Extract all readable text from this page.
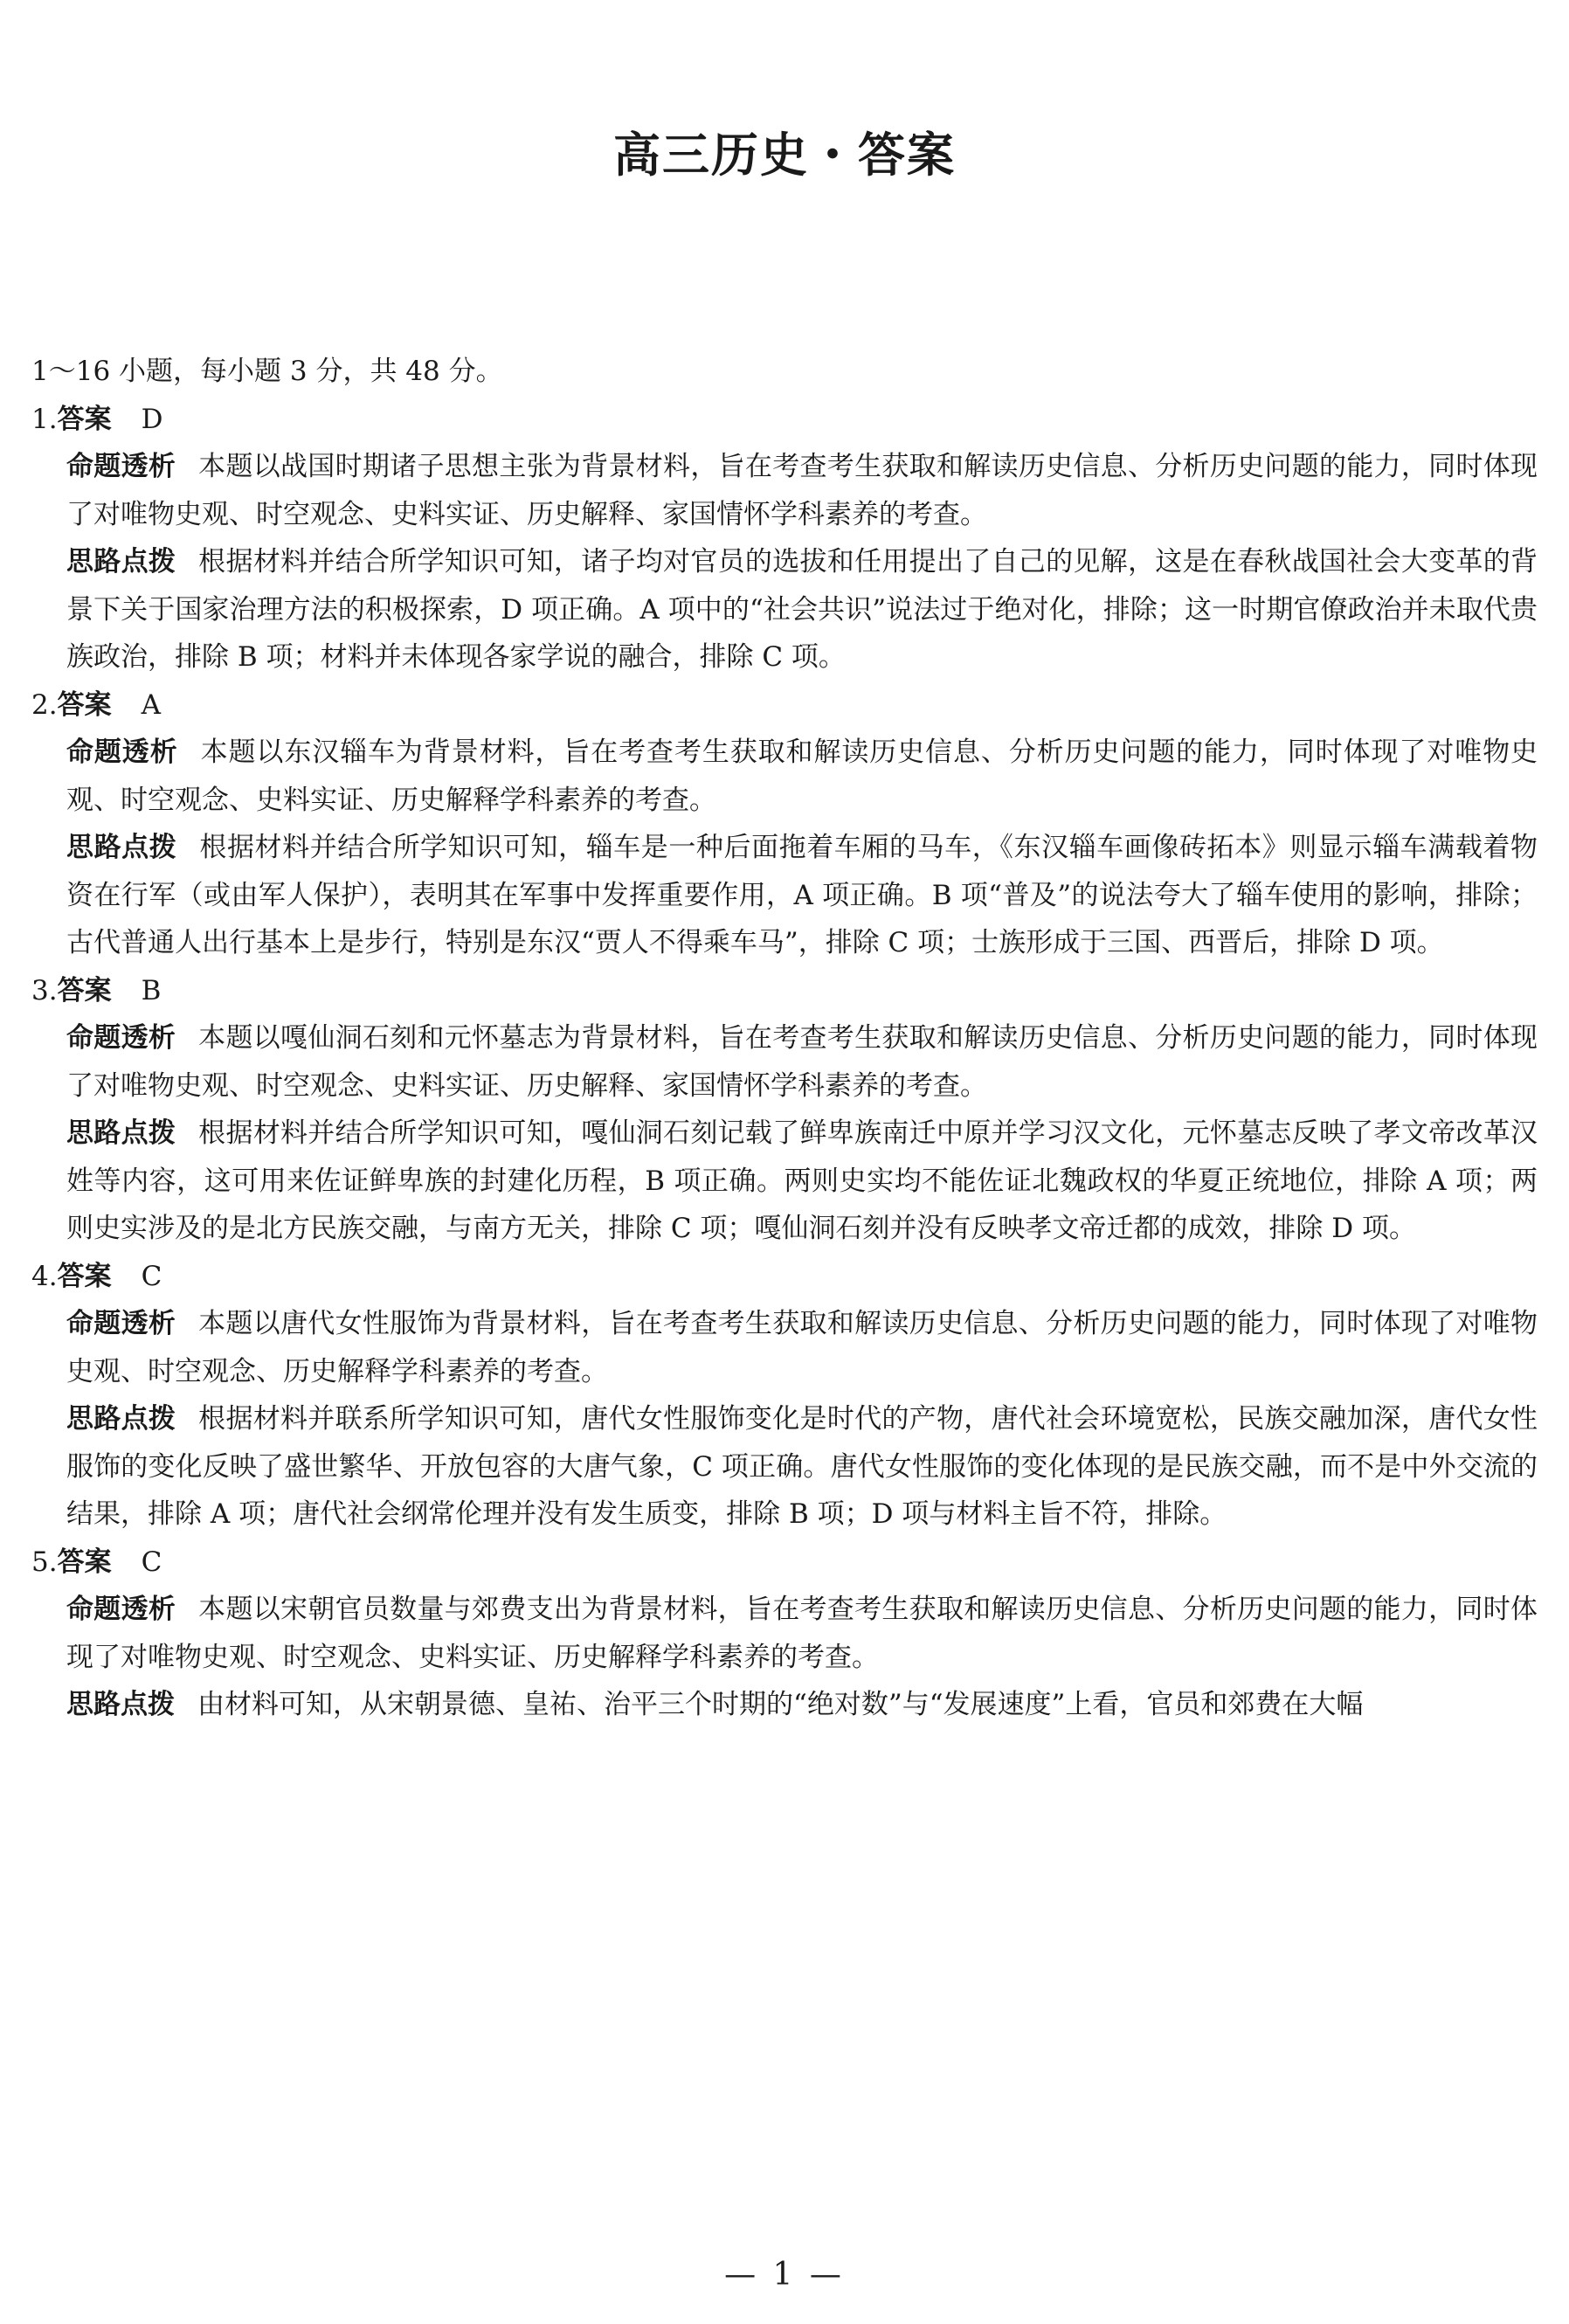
高三历史・答案

1～16 小题，每小题 3 分，共 48 分。

1.答案 D

命题透析 本题以战国时期诸子思想主张为背景材料，旨在考查考生获取和解读历史信息、分析历史问题的能力，同时体现了对唯物史观、时空观念、史料实证、历史解释、家国情怀学科素养的考查。

思路点拨 根据材料并结合所学知识可知，诸子均对官员的选拔和任用提出了自己的见解，这是在春秋战国社会大变革的背景下关于国家治理方法的积极探索，D 项正确。A 项中的“社会共识”说法过于绝对化，排除；这一时期官僚政治并未取代贵族政治，排除 B 项；材料并未体现各家学说的融合，排除 C 项。

2.答案 A

命题透析 本题以东汉辎车为背景材料，旨在考查考生获取和解读历史信息、分析历史问题的能力，同时体现了对唯物史观、时空观念、史料实证、历史解释学科素养的考查。

思路点拨 根据材料并结合所学知识可知，辎车是一种后面拖着车厢的马车，《东汉辎车画像砖拓本》则显示辎车满载着物资在行军（或由军人保护），表明其在军事中发挥重要作用，A 项正确。B 项“普及”的说法夸大了辎车使用的影响，排除；古代普通人出行基本上是步行，特别是东汉“贾人不得乘车马”，排除 C 项；士族形成于三国、西晋后，排除 D 项。

3.答案 B

命题透析 本题以嘎仙洞石刻和元怀墓志为背景材料，旨在考查考生获取和解读历史信息、分析历史问题的能力，同时体现了对唯物史观、时空观念、史料实证、历史解释、家国情怀学科素养的考查。

思路点拨 根据材料并结合所学知识可知，嘎仙洞石刻记载了鲜卑族南迁中原并学习汉文化，元怀墓志反映了孝文帝改革汉姓等内容，这可用来佐证鲜卑族的封建化历程，B 项正确。两则史实均不能佐证北魏政权的华夏正统地位，排除 A 项；两则史实涉及的是北方民族交融，与南方无关，排除 C 项；嘎仙洞石刻并没有反映孝文帝迁都的成效，排除 D 项。

4.答案 C

命题透析 本题以唐代女性服饰为背景材料，旨在考查考生获取和解读历史信息、分析历史问题的能力，同时体现了对唯物史观、时空观念、历史解释学科素养的考查。

思路点拨 根据材料并联系所学知识可知，唐代女性服饰变化是时代的产物，唐代社会环境宽松，民族交融加深，唐代女性服饰的变化反映了盛世繁华、开放包容的大唐气象，C 项正确。唐代女性服饰的变化体现的是民族交融，而不是中外交流的结果，排除 A 项；唐代社会纲常伦理并没有发生质变，排除 B 项；D 项与材料主旨不符，排除。

5.答案 C

命题透析 本题以宋朝官员数量与郊费支出为背景材料，旨在考查考生获取和解读历史信息、分析历史问题的能力，同时体现了对唯物史观、时空观念、史料实证、历史解释学科素养的考查。

思路点拨 由材料可知，从宋朝景德、皇祐、治平三个时期的“绝对数”与“发展速度”上看，官员和郊费在大幅

— 1 —
